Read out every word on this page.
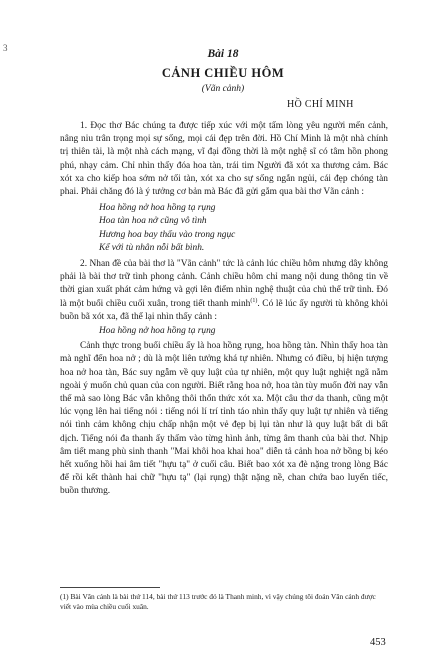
3	Bài 18
CẢNH CHIỀU HÔM
(Vãn cảnh)
HỒ CHÍ MINH

1. Đọc thơ Bác chúng ta được tiếp xúc với một tấm lòng yêu người mến cảnh, nâng niu trân trọng mọi sự sống, mọi cái đẹp trên đời. Hồ Chí Minh là một nhà chính trị thiên tài, là một nhà cách mạng, vĩ đại đồng thời là một nghệ sĩ có tâm hồn phong phú, nhạy cảm. Chỉ nhìn thấy đóa hoa tàn, trái tim Người đã xót xa thương cảm. Bác xót xa cho kiếp hoa sớm nở tối tàn, xót xa cho sự sống ngắn ngủi, cái đẹp chóng tàn phai. Phải chăng đó là ý tưởng cơ bản mà Bác đã gửi gắm qua bài thơ Vãn cảnh :

Hoa hồng nở hoa hồng tạ rụng
Hoa tàn hoa nở cũng vô tình
Hương hoa bay thấu vào trong ngục
Kể với tù nhân nỗi bất bình.

2. Nhan đề của bài thơ là "Vãn cảnh" tức là cảnh lúc chiều hôm nhưng dây không phải là bài thơ trữ tình phong cảnh. Cảnh chiều hôm chỉ mang nội dung thông tin về thời gian xuất phát cảm hứng và gợi lên điểm nhìn nghệ thuật của chủ thể trữ tình. Đó là một buổi chiều cuối xuân, trong tiết thanh minh$^{(1)}$. Có lẽ lúc ấy người tù không khỏi buồn bã xót xa, đã thể lại nhìn thấy cảnh :

Hoa hồng nở hoa hồng tạ rụng

Cảnh thực trong buổi chiều ấy là hoa hồng rụng, hoa hồng tàn. Nhìn thấy hoa tàn mà nghĩ đến hoa nở ; dù là một liên tưởng khá tự nhiên. Nhưng có điều, bị hiện tượng hoa nở hoa tàn, Bác suy ngẫm về quy luật của tự nhiên, một quy luật nghiệt ngã nằm ngoài ý muốn chủ quan của con người. Biết rằng hoa nở, hoa tàn tùy muốn đời nay vẫn thế mà sao lòng Bác vẫn không thôi thổn thức xót xa. Một câu thơ da thanh, cũng một lúc vọng lên hai tiếng nói : tiếng nói lí trí tỉnh táo nhìn thấy quy luật tự nhiên và tiếng nói tình cảm không chịu chấp nhận một vẻ đẹp bị lụi tàn như là quy luật bất di bất dịch. Tiếng nói đa thanh ấy thấm vào từng hình ảnh, từng âm thanh của bài thơ. Nhịp âm tiết mang phù sinh thanh "Mai khôi hoa khai hoa" diễn tả cảnh hoa nở bồng bị kéo hết xuống hồi hai âm tiết "hựu tạ" ở cuối câu. Biết bao xót xa đè nặng trong lòng Bác để rồi kết thành hai chữ "hựu tạ" (lại rụng) thật nặng nề, chan chứa bao luyến tiếc, buồn thương.

(1) Bài Vãn cảnh là bài thứ 114, bài thứ 113 trước đó là Thanh minh, vì vậy chúng tôi đoán Vãn cảnh được viết vào mùa chiều cuối xuân.
453
